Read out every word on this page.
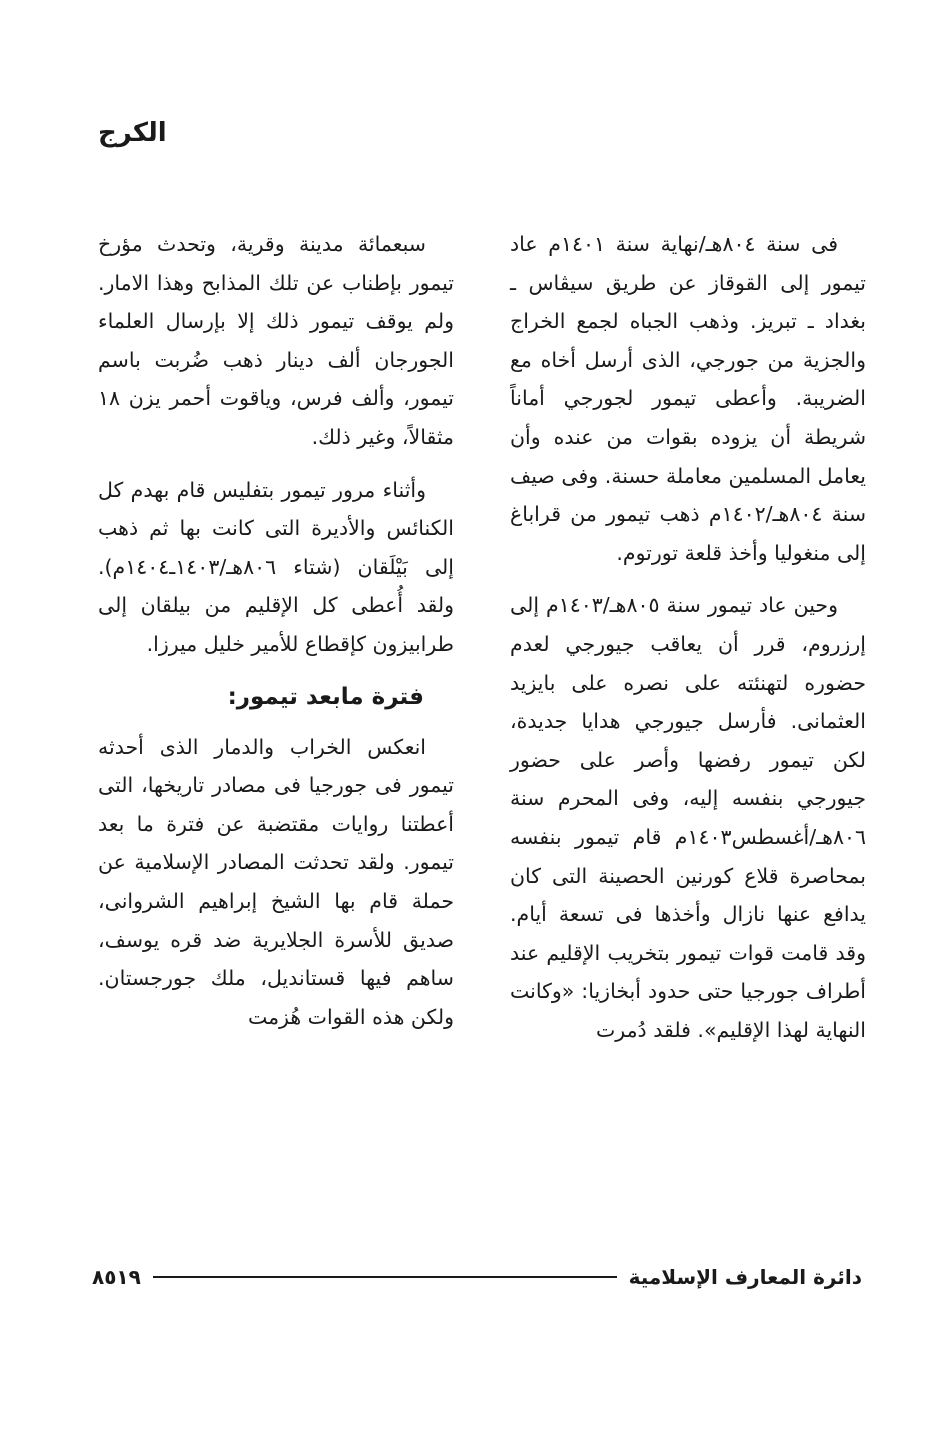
الكرج

فى سنة ٨٠٤هـ/نهاية سنة ١٤٠١م عاد تيمور إلى القوقاز عن طريق سيڤاس ـ بغداد ـ تبريز. وذهب الجباه لجمع الخراج والجزية من جورجي، الذى أرسل أخاه مع الضريبة. وأعطى تيمور لجورجي أماناً شريطة أن يزوده بقوات من عنده وأن يعامل المسلمين معاملة حسنة. وفى صيف سنة ٨٠٤هـ/١٤٠٢م ذهب تيمور من قراباغ إلى منغوليا وأخذ قلعة تورتوم.

وحين عاد تيمور سنة ٨٠٥هـ/١٤٠٣م إلى إرزروم، قرر أن يعاقب جيورجي لعدم حضوره لتهنئته على نصره على بايزيد العثمانى. فأرسل جيورجي هدايا جديدة، لكن تيمور رفضها وأصر على حضور جيورجي بنفسه إليه، وفى المحرم سنة ٨٠٦هـ/أغسطس١٤٠٣م قام تيمور بنفسه بمحاصرة قلاع كورنين الحصينة التى كان يدافع عنها نازال وأخذها فى تسعة أيام. وقد قامت قوات تيمور بتخريب الإقليم عند أطراف جورجيا حتى حدود أبخازيا: «وكانت النهاية لهذا الإقليم». فلقد دُمرت

سبعمائة مدينة وقرية، وتحدث مؤرخ تيمور بإطناب عن تلك المذابح وهذا الامار. ولم يوقف تيمور ذلك إلا بإرسال العلماء الجورجان ألف دينار ذهب ضُربت باسم تيمور، وألف فرس، وياقوت أحمر يزن ١٨ مثقالاً، وغير ذلك.

وأثناء مرور تيمور بتفليس قام بهدم كل الكنائس والأديرة التى كانت بها ثم ذهب إلى بَيْلَقان (شتاء ٨٠٦هـ/١٤٠٣ـ١٤٠٤م). ولقد أُعطى كل الإقليم من بيلقان إلى طرابيزون كإقطاع للأمير خليل ميرزا.

فترة مابعد تيمور:

انعكس الخراب والدمار الذى أحدثه تيمور فى جورجيا فى مصادر تاريخها، التى أعطتنا روايات مقتضبة عن فترة ما بعد تيمور. ولقد تحدثت المصادر الإسلامية عن حملة قام بها الشيخ إبراهيم الشروانى، صديق للأسرة الجلايرية ضد قره يوسف، ساهم فيها قستانديل، ملك جورجستان. ولكن هذه القوات هُزمت

دائرة المعارف الإسلامية
٨٥١٩
